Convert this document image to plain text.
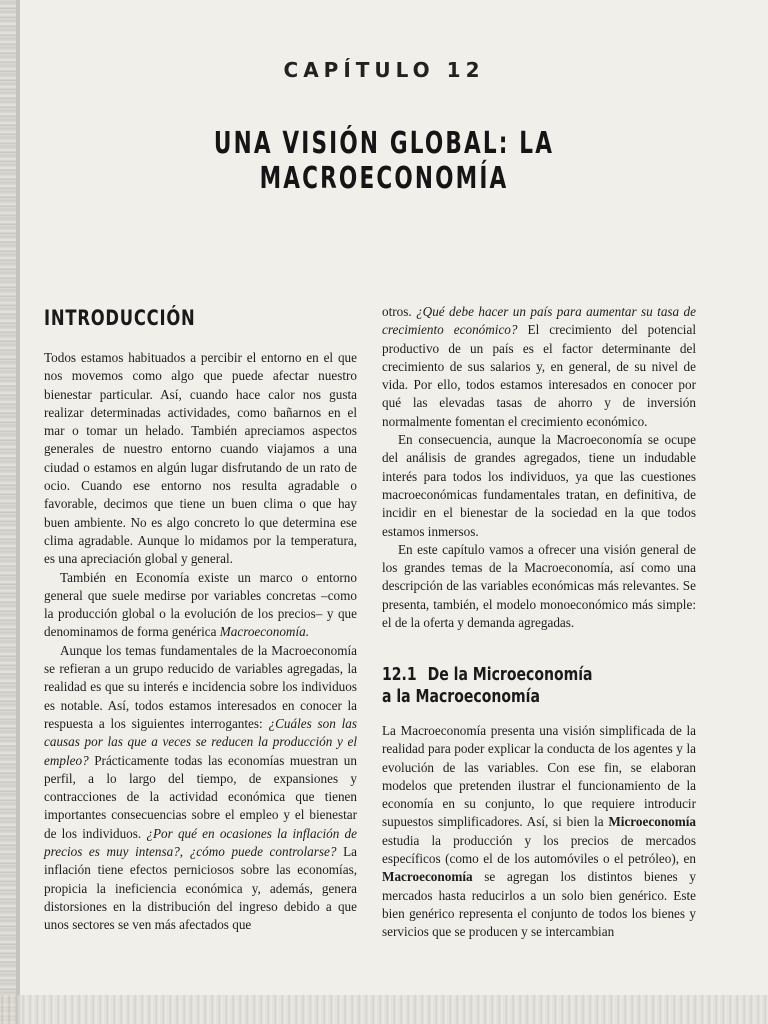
CAPÍTULO 12
UNA VISIÓN GLOBAL: LA MACROECONOMÍA
INTRODUCCIÓN

Todos estamos habituados a percibir el entorno en el que nos movemos como algo que puede afectar nuestro bienestar particular. Así, cuando hace calor nos gusta realizar determinadas actividades, como bañarnos en el mar o tomar un helado. También apreciamos aspectos generales de nuestro entorno cuando viajamos a una ciudad o estamos en algún lugar disfrutando de un rato de ocio. Cuando ese entorno nos resulta agradable o favorable, decimos que tiene un buen clima o que hay buen ambiente. No es algo concreto lo que determina ese clima agradable. Aunque lo midamos por la temperatura, es una apreciación global y general.

También en Economía existe un marco o entorno general que suele medirse por variables concretas –como la producción global o la evolución de los precios– y que denominamos de forma genérica Macroeconomía.

Aunque los temas fundamentales de la Macroeconomía se refieran a un grupo reducido de variables agregadas, la realidad es que su interés e incidencia sobre los individuos es notable. Así, todos estamos interesados en conocer la respuesta a los siguientes interrogantes: ¿Cuáles son las causas por las que a veces se reducen la producción y el empleo? Prácticamente todas las economías muestran un perfil, a lo largo del tiempo, de expansiones y contracciones de la actividad económica que tienen importantes consecuencias sobre el empleo y el bienestar de los individuos. ¿Por qué en ocasiones la inflación de precios es muy intensa?, ¿cómo puede controlarse? La inflación tiene efectos perniciosos sobre las economías, propicia la ineficiencia económica y, además, genera distorsiones en la distribución del ingreso debido a que unos sectores se ven más afectados que

otros. ¿Qué debe hacer un país para aumentar su tasa de crecimiento económico? El crecimiento del potencial productivo de un país es el factor determinante del crecimiento de sus salarios y, en general, de su nivel de vida. Por ello, todos estamos interesados en conocer por qué las elevadas tasas de ahorro y de inversión normalmente fomentan el crecimiento económico.

En consecuencia, aunque la Macroeconomía se ocupe del análisis de grandes agregados, tiene un indudable interés para todos los individuos, ya que las cuestiones macroeconómicas fundamentales tratan, en definitiva, de incidir en el bienestar de la sociedad en la que todos estamos inmersos.

En este capítulo vamos a ofrecer una visión general de los grandes temas de la Macroeconomía, así como una descripción de las variables económicas más relevantes. Se presenta, también, el modelo monoeconómico más simple: el de la oferta y demanda agregadas.

12.1 De la Microeconomía
a la Macroeconomía

La Macroeconomía presenta una visión simplificada de la realidad para poder explicar la conducta de los agentes y la evolución de las variables. Con ese fin, se elaboran modelos que pretenden ilustrar el funcionamiento de la economía en su conjunto, lo que requiere introducir supuestos simplificadores. Así, si bien la Microeconomía estudia la producción y los precios de mercados específicos (como el de los automóviles o el petróleo), en Macroeconomía se agregan los distintos bienes y mercados hasta reducirlos a un solo bien genérico. Este bien genérico representa el conjunto de todos los bienes y servicios que se producen y se intercambian
